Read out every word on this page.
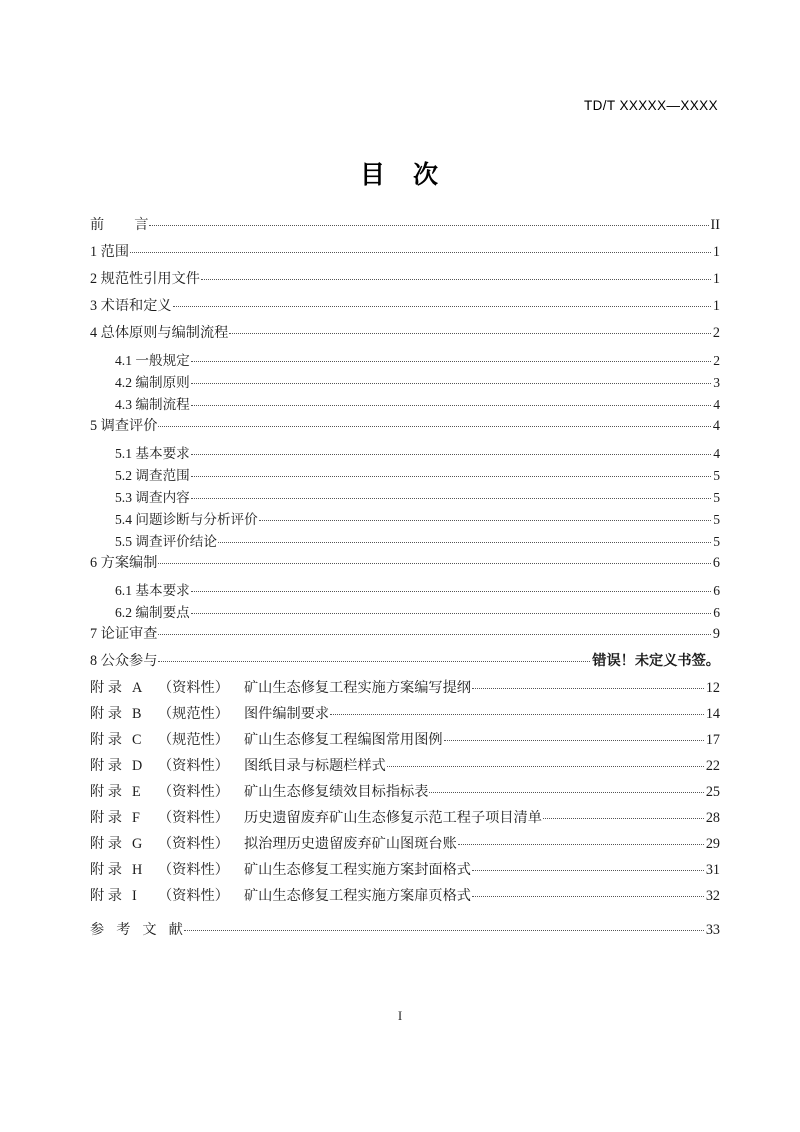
TD/T XXXXX—XXXX
目 次
前 言	II
1 范围	1
2 规范性引用文件	1
3 术语和定义	1
4 总体原则与编制流程	2
4.1 一般规定	2
4.2 编制原则	3
4.3 编制流程	4
5 调查评价	4
5.1 基本要求	4
5.2 调查范围	5
5.3 调查内容	5
5.4 问题诊断与分析评价	5
5.5 调查评价结论	5
6 方案编制	6
6.1 基本要求	6
6.2 编制要点	6
7 论证审查	9
8 公众参与	错误！未定义书签。
附 录 A （资料性） 矿山生态修复工程实施方案编写提纲	12
附 录 B （规范性） 图件编制要求	14
附 录 C （规范性） 矿山生态修复工程编图常用图例	17
附 录 D （资料性） 图纸目录与标题栏样式	22
附 录 E （资料性） 矿山生态修复绩效目标指标表	25
附 录 F （资料性） 历史遗留废弃矿山生态修复示范工程子项目清单	28
附 录 G （资料性） 拟治理历史遗留废弃矿山图斑台账	29
附 录 H （资料性） 矿山生态修复工程实施方案封面格式	31
附 录 I （资料性） 矿山生态修复工程实施方案扉页格式	32
参 考 文 献	33
I
